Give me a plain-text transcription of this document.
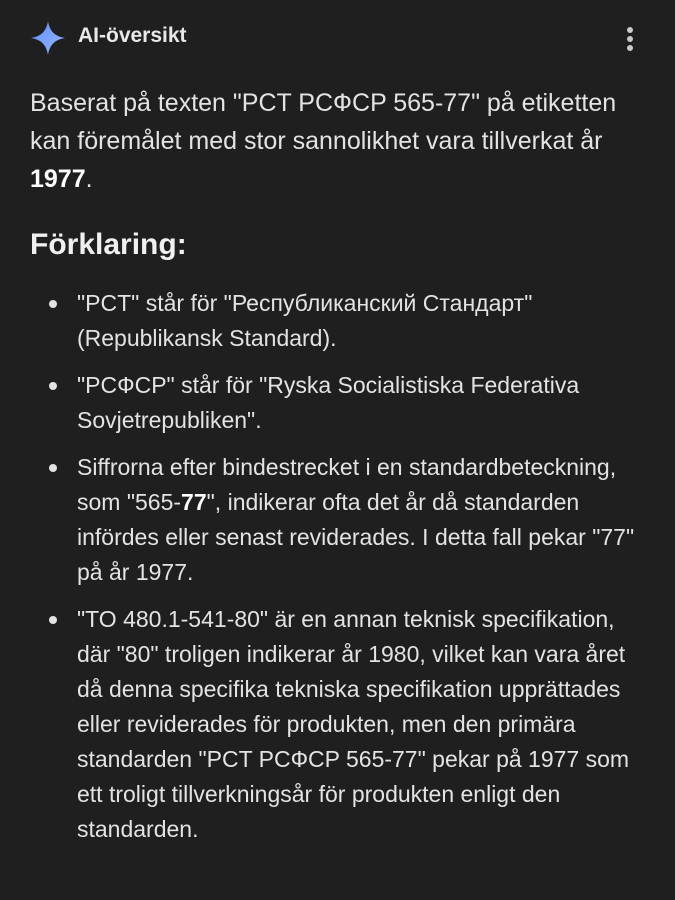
AI-översikt
Baserat på texten "PCT PCФCP 565-77" på etiketten kan föremålet med stor sannolikhet vara tillverkat år 1977.
Förklaring:
"PCT" står för "Республиканский Стандарт" (Republikansk Standard).
"PCФCP" står för "Ryska Socialistiska Federativa Sovjetrepubliken".
Siffrorna efter bindestrecket i en standardbeteckning, som "565-77", indikerar ofta det år då standarden infördes eller senast reviderades. I detta fall pekar "77" på år 1977.
"TO 480.1-541-80" är en annan teknisk specifikation, där "80" troligen indikerar år 1980, vilket kan vara året då denna specifika tekniska specifikation upprättades eller reviderades för produkten, men den primära standarden "PCT PCФCP 565-77" pekar på 1977 som ett troligt tillverkningsår för produkten enligt den standarden.
